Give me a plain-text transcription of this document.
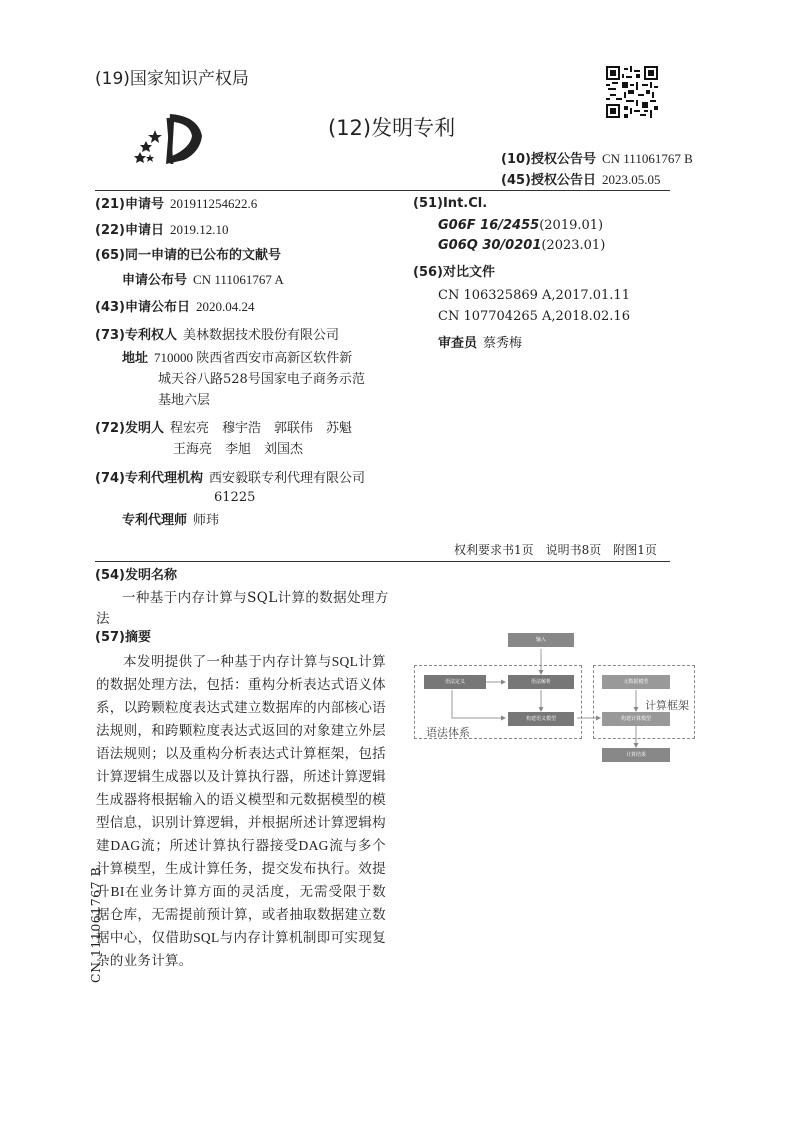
(19)国家知识产权局
(12)发明专利
(10)授权公告号 CN 111061767 B
(45)授权公告日 2023.05.05
(21)申请号 201911254622.6
(22)申请日 2019.12.10
(65)同一申请的已公布的文献号
申请公布号 CN 111061767 A
(43)申请公布日 2020.04.24
(73)专利权人 美林数据技术股份有限公司
地址 710000 陕西省西安市高新区软件新
城天谷八路528号国家电子商务示范
基地六层
(72)发明人 程宏亮　穆宇浩　郭联伟　苏魁
王海亮　李旭　刘国杰
(74)专利代理机构 西安毅联专利代理有限公司
61225
专利代理师 师玮
(51)Int.Cl.
G06F 16/2455(2019.01)
G06Q 30/0201(2023.01)
(56)对比文件
CN 106325869 A,2017.01.11
CN 107704265 A,2018.02.16
审查员 蔡秀梅
权利要求书1页　说明书8页　附图1页
(54)发明名称
一种基于内存计算与SQL计算的数据处理方
法
(57)摘要
本发明提供了一种基于内存计算与SQL计算的数据处理方法，包括：重构分析表达式语义体系，以跨颗粒度表达式建立数据库的内部核心语法规则，和跨颗粒度表达式返回的对象建立外层语法规则；以及重构分析表达式计算框架，包括计算逻辑生成器以及计算执行器，所述计算逻辑生成器将根据输入的语义模型和元数据模型的模型信息，识别计算逻辑，并根据所述计算逻辑构建DAG流；所述计算执行器接受DAG流与多个计算模型，生成计算任务，提交发布执行。效提升BI在业务计算方面的灵活度，无需受限于数据仓库，无需提前预计算，或者抽取数据建立数据中心，仅借助SQL与内存计算机制即可实现复杂的业务计算。
输入
语法定义	语法解析
构建语义模型
元数据模型
构建计算模型
计算结果
语法体系
计算框架
CN 111061767 B
